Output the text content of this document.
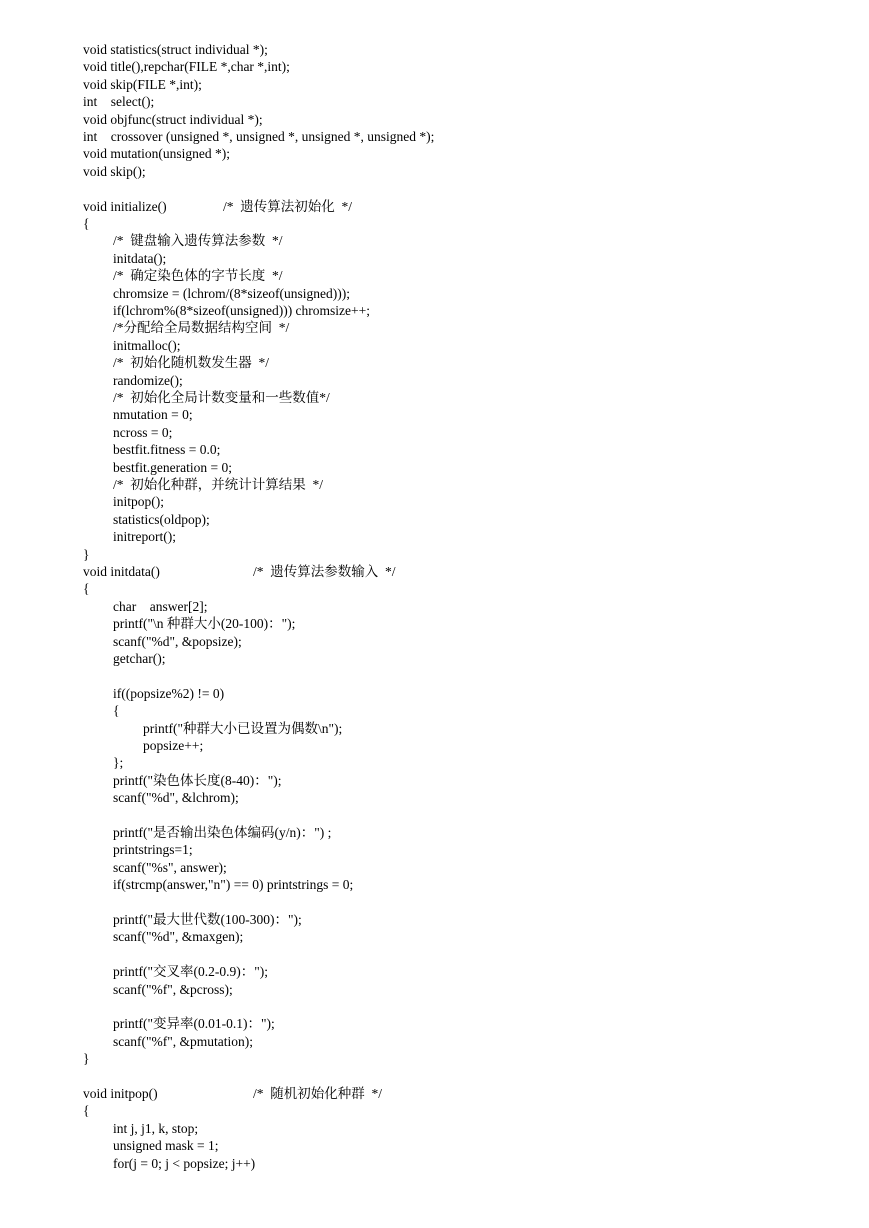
void statistics(struct individual *);
void title(),repchar(FILE *,char *,int);
void skip(FILE *,int);
int    select();
void objfunc(struct individual *);
int    crossover (unsigned *, unsigned *, unsigned *, unsigned *);
void mutation(unsigned *);
void skip();
void initialize()	/*  遗传算法初始化  */
{
/*  键盘输入遗传算法参数  */
initdata();
/*  确定染色体的字节长度  */
chromsize = (lchrom/(8*sizeof(unsigned)));
if(lchrom%(8*sizeof(unsigned))) chromsize++;
/*分配给全局数据结构空间  */
initmalloc();
/*  初始化随机数发生器  */
randomize();
/*  初始化全局计数变量和一些数值*/
nmutation = 0;
ncross = 0;
bestfit.fitness = 0.0;
bestfit.generation = 0;
/*  初始化种群，并统计计算结果  */
initpop();
statistics(oldpop);
initreport();
}
void initdata()	/*  遗传算法参数输入  */
{
char    answer[2];
printf("\n 种群大小(20-100)：");
scanf("%d", &popsize);
getchar();
if((popsize%2) != 0)
{
printf("种群大小已设置为偶数\n");
popsize++;
};
printf("染色体长度(8-40)：");
scanf("%d", &lchrom);
printf("是否输出染色体编码(y/n)：") ;
printstrings=1;
scanf("%s", answer);
if(strcmp(answer,"n") == 0) printstrings = 0;
printf("最大世代数(100-300)：");
scanf("%d", &maxgen);
printf("交叉率(0.2-0.9)：");
scanf("%f", &pcross);
printf("变异率(0.01-0.1)：");
scanf("%f", &pmutation);
}
void initpop()	/*  随机初始化种群  */
{
int j, j1, k, stop;
unsigned mask = 1;
for(j = 0; j < popsize; j++)
